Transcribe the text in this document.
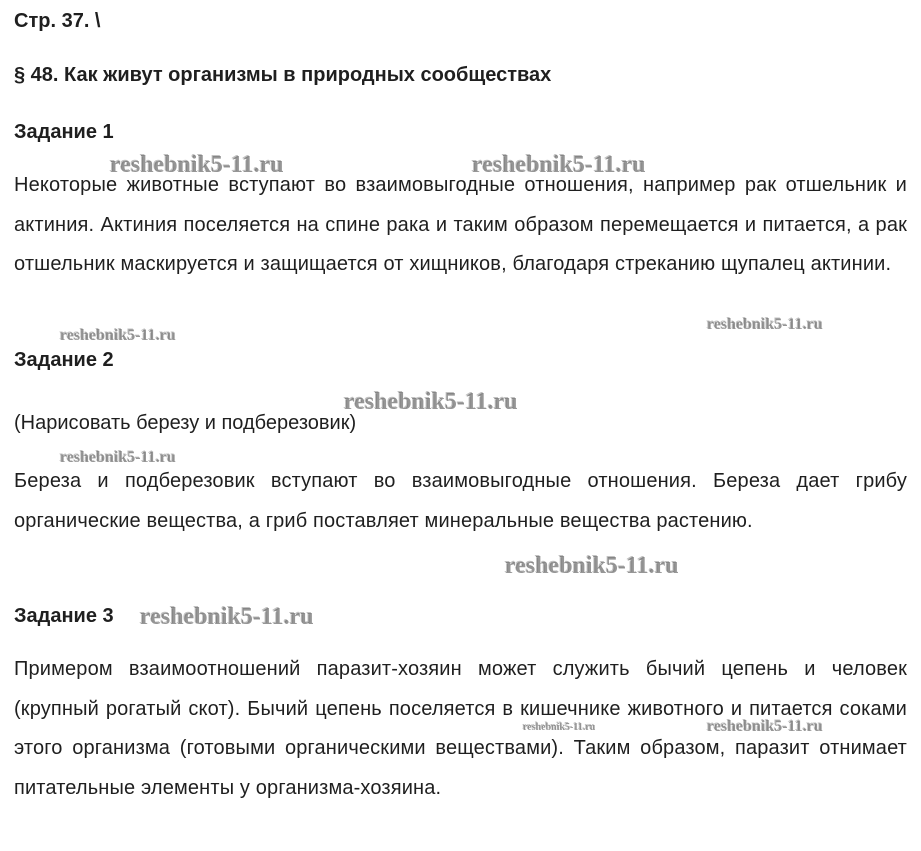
Стр. 37. \
§ 48. Как живут организмы в природных сообществах
Задание 1
Некоторые животные вступают во взаимовыгодные отношения, например рак отшельник и актиния. Актиния поселяется на спине рака и таким образом перемещается и питается, а рак отшельник маскируется и защищается от хищников, благодаря стреканию щупалец актинии.
Задание 2
(Нарисовать березу и подберезовик)
Береза и подберезовик вступают во взаимовыгодные отношения. Береза дает грибу органические вещества, а гриб поставляет минеральные вещества растению.
Задание 3
Примером взаимоотношений паразит-хозяин может служить бычий цепень и человек (крупный рогатый скот). Бычий цепень поселяется в кишечнике животного и питается соками этого организма (готовыми органическими веществами). Таким образом, паразит отнимает питательные элементы у организма-хозяина.
reshebnik5-11.ru	reshebnik5-11.ru
reshebnik5-11.ru
reshebnik5-11.ru
reshebnik5-11.ru
reshebnik5-11.ru
reshebnik5-11.ru
reshebnik5-11.ru
reshebnik5-11.ru	reshebnik5-11.ru
